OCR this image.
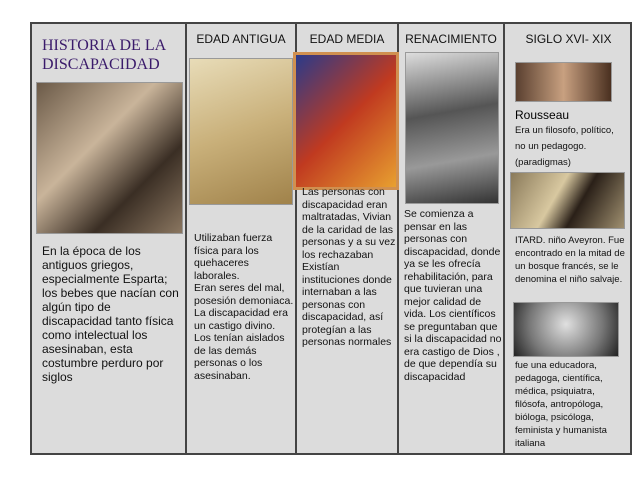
HISTORIA DE LA DISCAPACIDAD
En la época de los antiguos griegos, especialmente Esparta; los bebes que nacían con algún tipo de discapacidad tanto física como intelectual los asesinaban, esta costumbre perduro por siglos
EDAD ANTIGUA
Utilizaban fuerza física para los quehaceres laborales.
Eran seres del mal, posesión demoniaca.
La discapacidad era un castigo divino.
Los tenían aislados de las demás personas o los asesinaban.
EDAD MEDIA
Las personas con discapacidad eran maltratadas, Vivian de la caridad de las personas y a su vez los rechazaban
Existían instituciones donde internaban a las personas con discapacidad, así protegían a las personas normales
RENACIMIENTO
Se comienza a pensar en las personas con discapacidad, donde ya se les ofrecía rehabilitación, para que tuvieran una mejor calidad de vida. Los científicos se preguntaban que si la discapacidad no era castigo de Dios , de que dependía su discapacidad
SIGLO XVI- XIX
Rousseau
Era un filosofo, político,
no un pedagogo.
(paradigmas)
ITARD. niño Aveyron. Fue encontrado en la mitad de un bosque francés, se le denomina el niño salvaje.
fue una educadora, pedagoga, científica, médica, psiquiatra, filósofa, antropóloga, bióloga, psicóloga, feminista y humanista italiana
